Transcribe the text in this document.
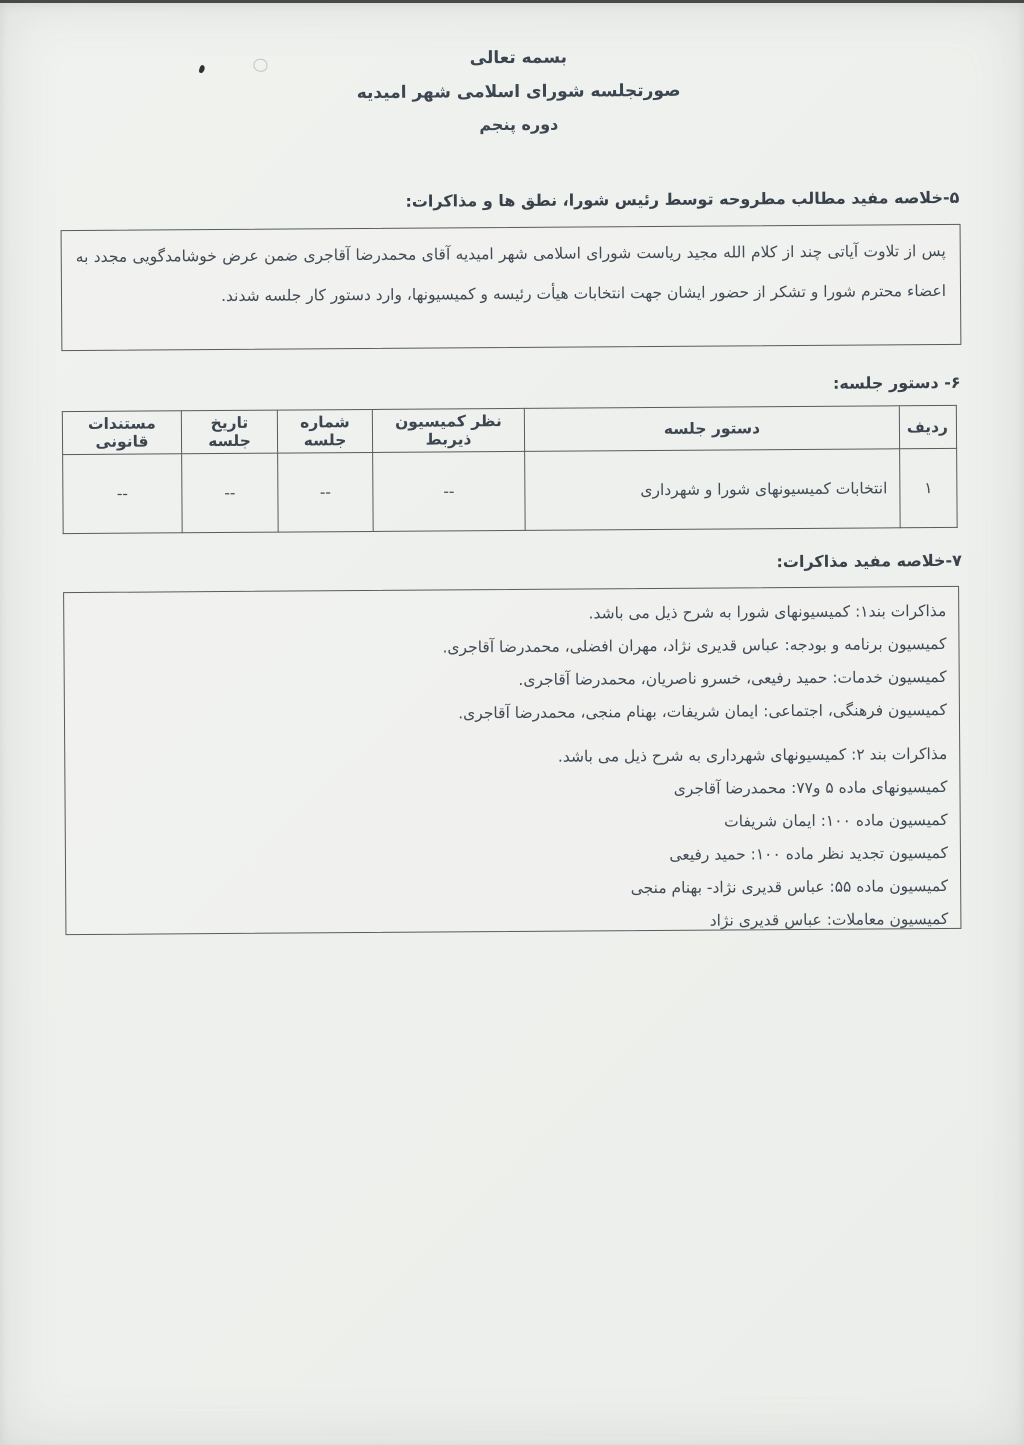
بسمه تعالی
صورتجلسه شورای اسلامی شهر امیدیه
دوره پنجم
۵-خلاصه مفید مطالب مطروحه توسط رئیس شورا، نطق ها و مذاکرات:
پس از تلاوت آیاتی چند از کلام الله مجید ریاست شورای اسلامی شهر امیدیه آقای محمدرضا آقاجری ضمن عرض خوشامدگویی مجدد به
اعضاء محترم شورا و تشکر از حضور ایشان جهت انتخابات هیأت رئیسه و کمیسیونها، وارد دستور کار جلسه شدند.
۶- دستور جلسه:
ردیف	دستور جلسه	نظر کمیسیون ذیربط	شماره جلسه	تاریخ جلسه	مستندات قانونی
۱	انتخابات کمیسیونهای شورا و شهرداری	--	--	--	--
۷-خلاصه مفید مذاکرات:
مذاکرات بند۱: کمیسیونهای شورا به شرح ذیل می باشد.
کمیسیون برنامه و بودجه: عباس قدیری نژاد، مهران افضلی، محمدرضا آقاجری.
کمیسیون خدمات: حمید رفیعی، خسرو ناصریان، محمدرضا آقاجری.
کمیسیون فرهنگی، اجتماعی: ایمان شریفات، بهنام منجی، محمدرضا آقاجری.
مذاکرات بند ۲: کمیسیونهای شهرداری به شرح ذیل می باشد.
کمیسیونهای ماده ۵ و۷۷: محمدرضا آقاجری
کمیسیون ماده ۱۰۰: ایمان شریفات
کمیسیون تجدید نظر ماده ۱۰۰: حمید رفیعی
کمیسیون ماده ۵۵: عباس قدیری نژاد- بهنام منجی
کمیسیون معاملات: عباس قدیری نژاد
